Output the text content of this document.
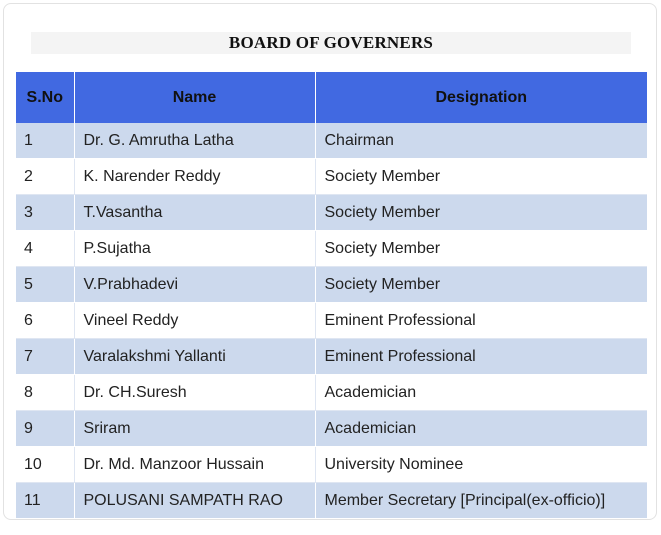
BOARD OF GOVERNERS
S.No	Name	Designation
1	Dr. G. Amrutha Latha	Chairman
2	K. Narender Reddy	Society Member
3	T.Vasantha	Society Member
4	P.Sujatha	Society Member
5	V.Prabhadevi	Society Member
6	Vineel Reddy	Eminent Professional
7	Varalakshmi Yallanti	Eminent Professional
8	Dr. CH.Suresh	Academician
9	Sriram	Academician
10	Dr. Md. Manzoor Hussain	University Nominee
11	POLUSANI SAMPATH RAO	Member Secretary [Principal(ex-officio)]
